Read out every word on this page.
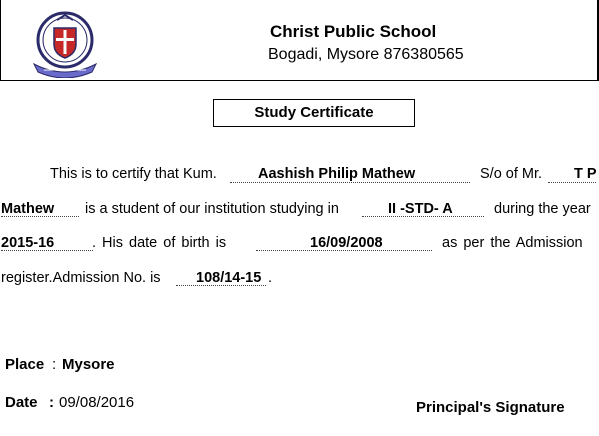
Christ Public School
Bogadi, Mysore 876380565
Study Certificate
This is to certify that Kum.	Aashish Philip Mathew	S/o of Mr. T P
Mathew is a student of our institution studying in	II -STD- A	during the year
2015-16	. His date of birth is	16/09/2008	as per the Admission
register.Admission No. is 108/14-15 .
Place : Mysore
Date : 09/08/2016	Principal's Signature
